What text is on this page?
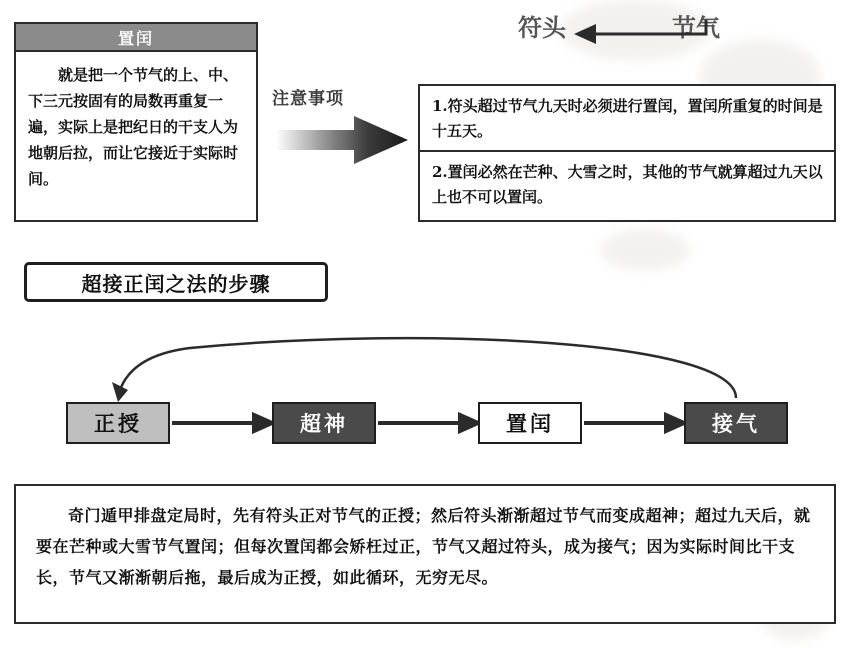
置闰
就是把一个节气的上、中、下三元按固有的局数再重复一遍，实际上是把纪日的干支人为地朝后拉，而让它接近于实际时间。
注意事项
符头	节气
1.符头超过节气九天时必须进行置闰，置闰所重复的时间是十五天。
2.置闰必然在芒种、大雪之时，其他的节气就算超过九天以上也不可以置闰。
超接正闰之法的步骤
正授	超神	置闰	接气
奇门遁甲排盘定局时，先有符头正对节气的正授；然后符头渐渐超过节气而变成超神；超过九天后，就要在芒种或大雪节气置闰；但每次置闰都会矫枉过正，节气又超过符头，成为接气；因为实际时间比干支长，节气又渐渐朝后拖，最后成为正授，如此循环，无穷无尽。
